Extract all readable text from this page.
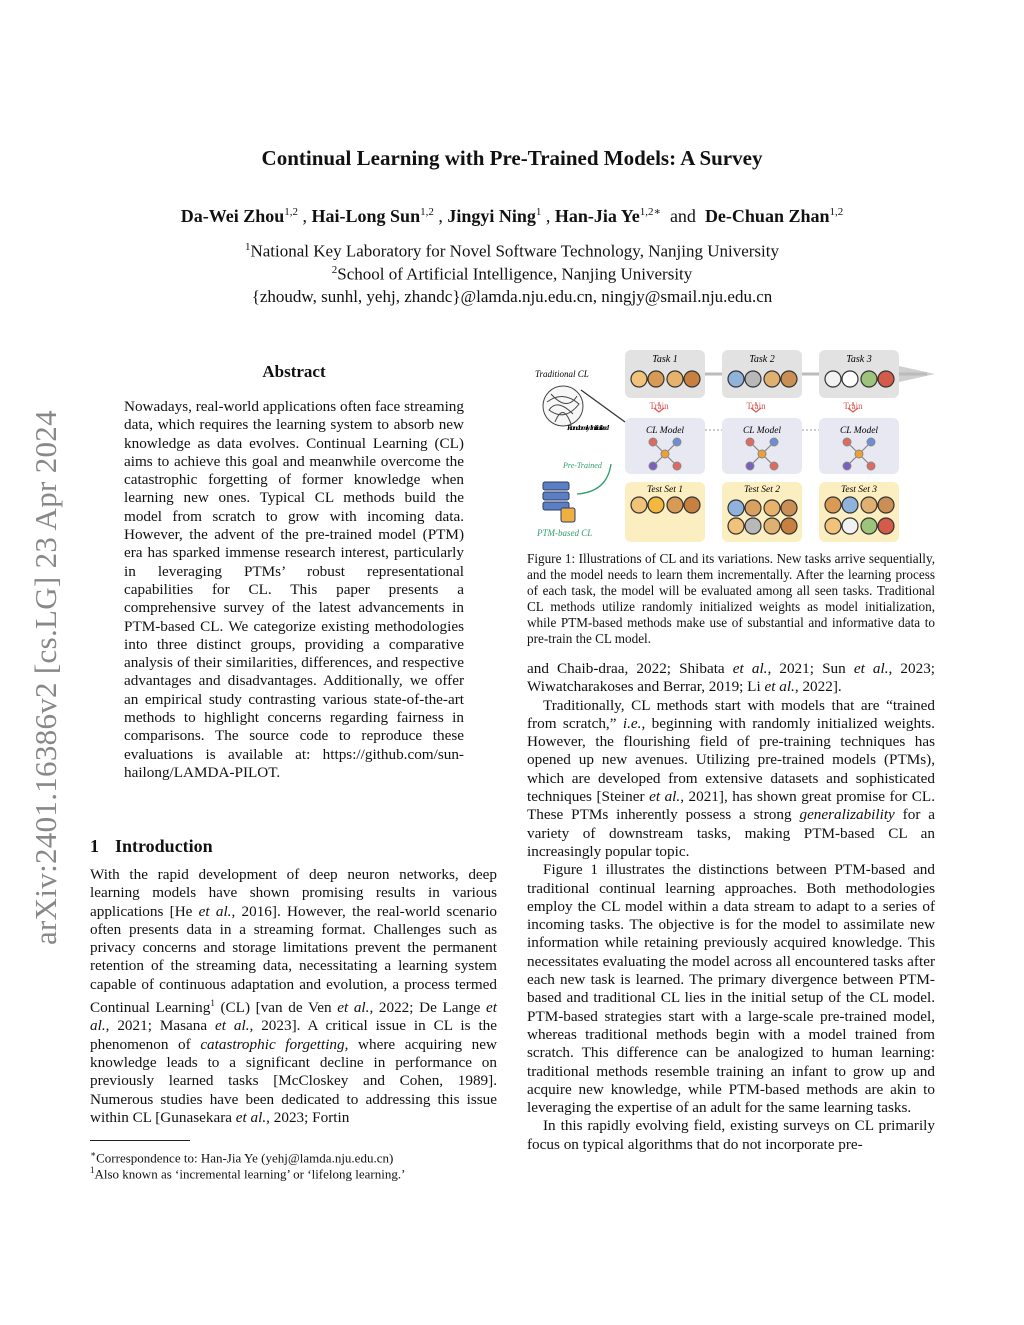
Continual Learning with Pre-Trained Models: A Survey
Da-Wei Zhou$^{1,2}$ , Hai-Long Sun$^{1,2}$ , Jingyi Ning$^1$ , Han-Jia $Ye^{1,2∗}$ and De-Chuan Zhan$^{1,2}$
$^1$National Key Laboratory for Novel Software Technology, Nanjing University
$^2$School of Artificial Intelligence, Nanjing University
{zhoudw, sunhl, yehj, zhandc}@lamda.nju.edu.cn, ningjy@smail.nju.edu.cn
arXiv:2401.16386v2 [cs.LG] 23 Apr 2024
Abstract
Nowadays, real-world applications often face streaming data, which requires the learning system to absorb new knowledge as data evolves. Continual Learning (CL) aims to achieve this goal and meanwhile overcome the catastrophic forgetting of former knowledge when learning new ones. Typical CL methods build the model from scratch to grow with incoming data. However, the advent of the pre-trained model (PTM) era has sparked immense research interest, particularly in leveraging PTMs’ robust representational capabilities for CL. This paper presents a comprehensive survey of the latest advancements in PTM-based CL. We categorize existing methodologies into three distinct groups, providing a comparative analysis of their similarities, differences, and respective advantages and disadvantages. Additionally, we offer an empirical study contrasting various state-of-the-art methods to highlight concerns regarding fairness in comparisons. The source code to reproduce these evaluations is available at: https://github.com/sun-hailong/LAMDA-PILOT.
1 Introduction

With the rapid development of deep neuron networks, deep learning models have shown promising results in various applications [He et al., 2016]. However, the real-world scenario often presents data in a streaming format. Challenges such as privacy concerns and storage limitations prevent the permanent retention of the streaming data, necessitating a learning system capable of continuous adaptation and evolution, a process termed Continual Learning$^1$ (CL) [van de Ven et al., 2022; De Lange et al., 2021; Masana et al., 2023]. A critical issue in CL is the phenomenon of catastrophic forgetting, where acquiring new knowledge leads to a significant decline in performance on previously learned tasks [McCloskey and Cohen, 1989]. Numerous studies have been dedicated to addressing this issue within CL [Gunasekara et al., 2023; Fortin

∗Correspondence to: Han-Jia Ye (yehj@lamda.nju.edu.cn)
$^1$Also known as ‘incremental learning’ or ‘lifelong learning.’
Task 1	Task 2	Task 3
Traditional CL
Randomly Initialized
Train	Train	Train
CL Model	CL Model	CL Model
Pre-Trained
PTM-based CL
Test Set 1	Test Set 2	Test Set 3
Figure 1: Illustrations of CL and its variations. New tasks arrive sequentially, and the model needs to learn them incrementally. After the learning process of each task, the model will be evaluated among all seen tasks. Traditional CL methods utilize randomly initialized weights as model initialization, while PTM-based methods make use of substantial and informative data to pre-train the CL model.

and Chaib-draa, 2022; Shibata et al., 2021; Sun et al., 2023; Wiwatcharakoses and Berrar, 2019; Li et al., 2022].

Traditionally, CL methods start with models that are “trained from scratch,” i.e., beginning with randomly initialized weights. However, the flourishing field of pre-training techniques has opened up new avenues. Utilizing pre-trained models (PTMs), which are developed from extensive datasets and sophisticated techniques [Steiner et al., 2021], has shown great promise for CL. These PTMs inherently possess a strong generalizability for a variety of downstream tasks, making PTM-based CL an increasingly popular topic.

Figure 1 illustrates the distinctions between PTM-based and traditional continual learning approaches. Both methodologies employ the CL model within a data stream to adapt to a series of incoming tasks. The objective is for the model to assimilate new information while retaining previously acquired knowledge. This necessitates evaluating the model across all encountered tasks after each new task is learned. The primary divergence between PTM-based and traditional CL lies in the initial setup of the CL model. PTM-based strategies start with a large-scale pre-trained model, whereas traditional methods begin with a model trained from scratch. This difference can be analogized to human learning: traditional methods resemble training an infant to grow up and acquire new knowledge, while PTM-based methods are akin to leveraging the expertise of an adult for the same learning tasks.

In this rapidly evolving field, existing surveys on CL primarily focus on typical algorithms that do not incorporate pre-
